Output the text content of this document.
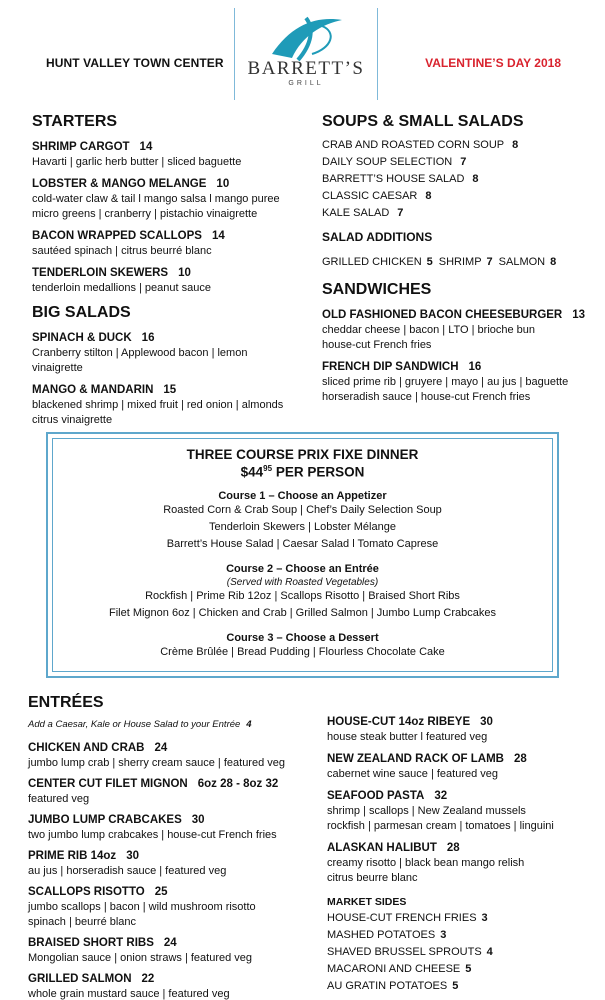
HUNT VALLEY TOWN CENTER	BARRETT’S
GRILL
VALENTINE’S DAY 2018
STARTERS
SHRIMP CARGOT 14
Havarti | garlic herb butter | sliced baguette
LOBSTER & MANGO MELANGE 10
cold-water claw & tail l mango salsa l mango puree
micro greens | cranberry | pistachio vinaigrette
BACON WRAPPED SCALLOPS 14
sautéed spinach | citrus beurré blanc
TENDERLOIN SKEWERS 10
tenderloin medallions | peanut sauce
BIG SALADS
SPINACH & DUCK 16
Cranberry stilton | Applewood bacon | lemon
vinaigrette
MANGO & MANDARIN 15
blackened shrimp | mixed fruit | red onion | almonds
citrus vinaigrette
SOUPS & SMALL SALADS
CRAB AND ROASTED CORN SOUP 8
DAILY SOUP SELECTION 7
BARRETT’S HOUSE SALAD 8
CLASSIC CAESAR 8
KALE SALAD 7
SALAD ADDITIONS
GRILLED CHICKEN 5 SHRIMP 7 SALMON 8
SANDWICHES
OLD FASHIONED BACON CHEESEBURGER 13
cheddar cheese | bacon | LTO | brioche bun
house-cut French fries
FRENCH DIP SANDWICH 16
sliced prime rib | gruyere | mayo | au jus | baguette
horseradish sauce | house-cut French fries
THREE COURSE PRIX FIXE DINNER
$\$44^{95}$ PER PERSON
Course 1 – Choose an Appetizer
Roasted Corn & Crab Soup | Chef’s Daily Selection Soup
Tenderloin Skewers | Lobster Mélange
Barrett’s House Salad | Caesar Salad l Tomato Caprese
Course 2 – Choose an Entrée
(Served with Roasted Vegetables)
Rockfish | Prime Rib 12oz | Scallops Risotto | Braised Short Ribs
Filet Mignon 6oz | Chicken and Crab | Grilled Salmon | Jumbo Lump Crabcakes
Course 3 – Choose a Dessert
Crème Brûlée | Bread Pudding | Flourless Chocolate Cake
ENTRÉES
Add a Caesar, Kale or House Salad to your Entrée 4
CHICKEN AND CRAB 24
jumbo lump crab | sherry cream sauce | featured veg
CENTER CUT FILET MIGNON 6oz 28 - 8oz 32
featured veg
JUMBO LUMP CRABCAKES 30
two jumbo lump crabcakes | house-cut French fries
PRIME RIB 14oz 30
au jus | horseradish sauce | featured veg
SCALLOPS RISOTTO 25
jumbo scallops | bacon | wild mushroom risotto
spinach | beurré blanc
BRAISED SHORT RIBS 24
Mongolian sauce | onion straws | featured veg
GRILLED SALMON 22
whole grain mustard sauce | featured veg
HOUSE-CUT 14oz RIBEYE 30
house steak butter l featured veg
NEW ZEALAND RACK OF LAMB 28
cabernet wine sauce | featured veg
SEAFOOD PASTA 32
shrimp | scallops | New Zealand mussels
rockfish | parmesan cream | tomatoes | linguini
ALASKAN HALIBUT 28
creamy risotto | black bean mango relish
citrus beurre blanc
MARKET SIDES
HOUSE-CUT FRENCH FRIES 3
MASHED POTATOES 3
SHAVED BRUSSEL SPROUTS 4
MACARONI AND CHEESE 5
AU GRATIN POTATOES 5
